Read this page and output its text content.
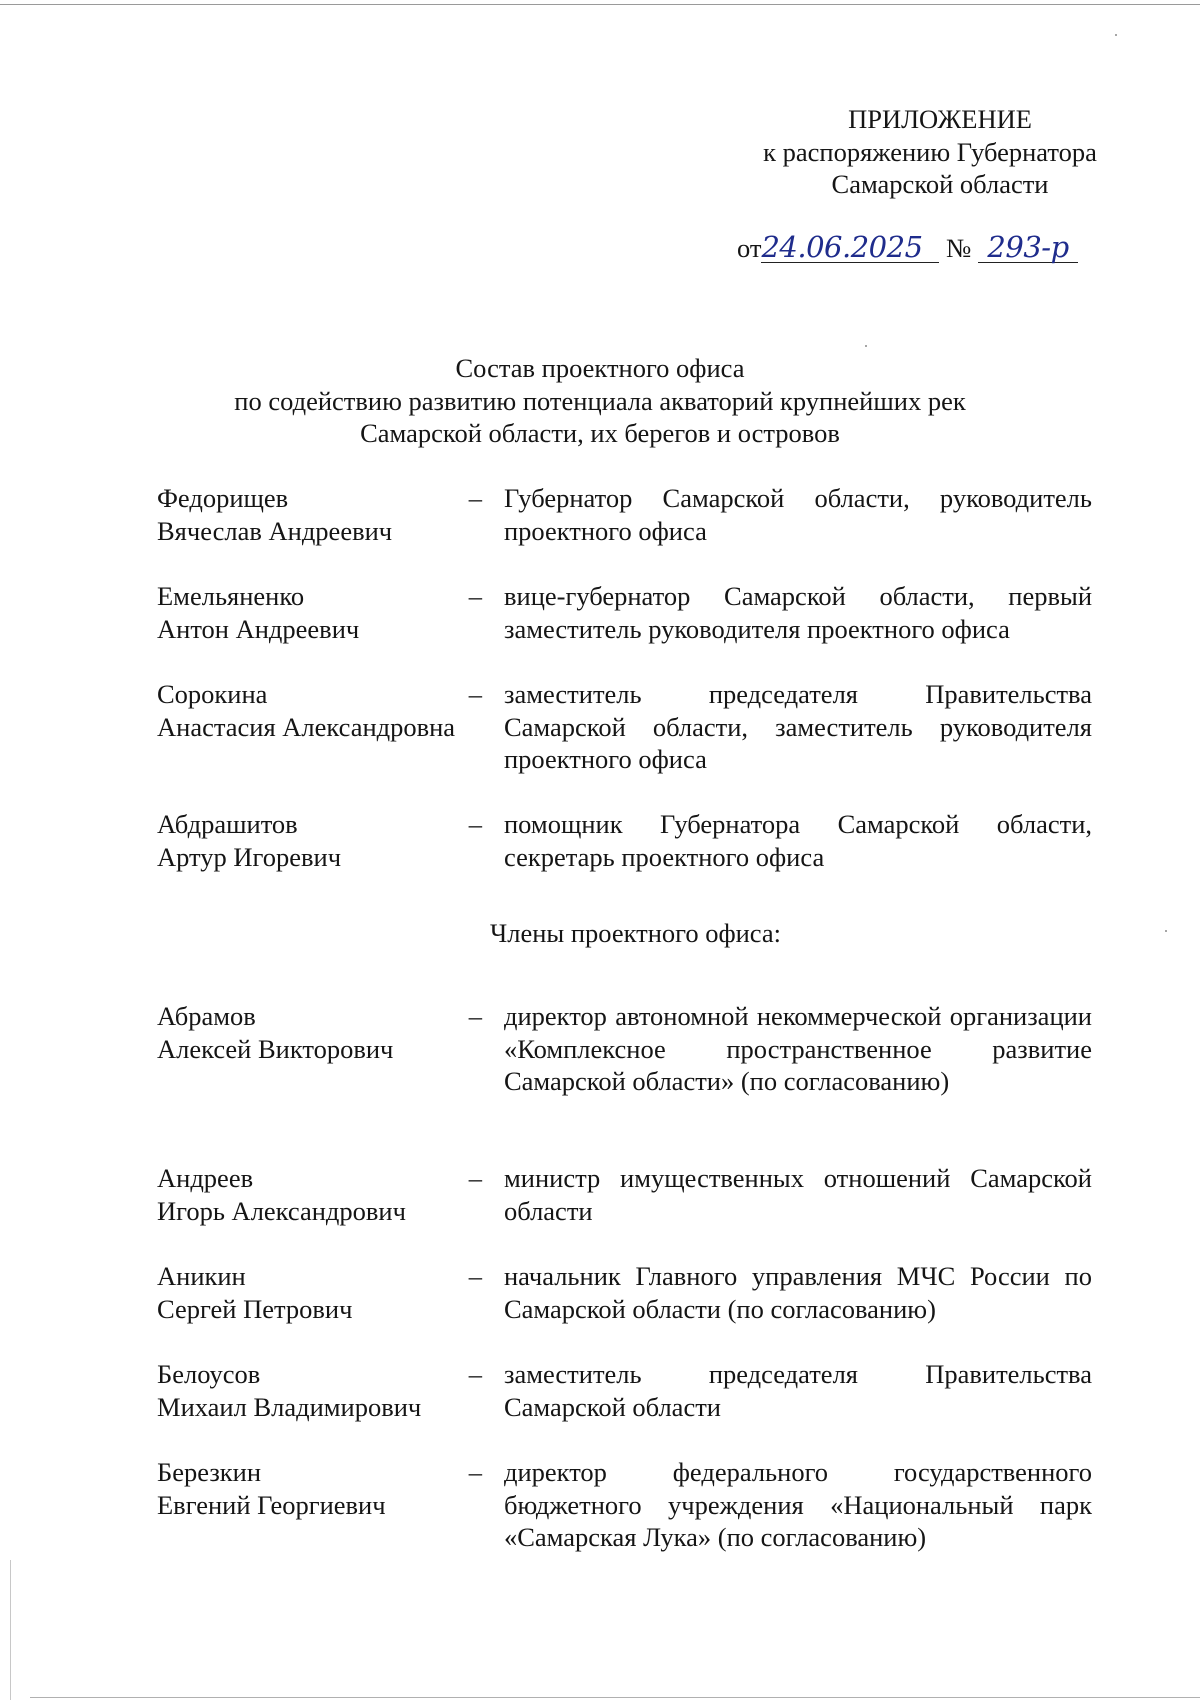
ПРИЛОЖЕНИЕ
к распоряжению Губернатора
Самарской области
от24.06.2025 № 293-р
Состав проектного офиса
по содействию развитию потенциала акваторий крупнейших рек
Самарской области, их берегов и островов
Федорищев
Вячеслав Андреевич
– Губернатор Самарской области, руководитель проектного офиса
Емельяненко
Антон Андреевич
– вице-губернатор Самарской области, первый заместитель руководителя проектного офиса
Сорокина
Анастасия Александровна
– заместитель председателя Правительства Самарской области, заместитель руководителя проектного офиса
Абдрашитов
Артур Игоревич
– помощник Губернатора Самарской области, секретарь проектного офиса
Члены проектного офиса:
Абрамов
Алексей Викторович
– директор автономной некоммерческой организации «Комплексное пространственное развитие Самарской области» (по согласованию)
Андреев
Игорь Александрович
– министр имущественных отношений Самарской области
Аникин
Сергей Петрович
– начальник Главного управления МЧС России по Самарской области (по согласованию)
Белоусов
Михаил Владимирович
– заместитель председателя Правительства Самарской области
Березкин
Евгений Георгиевич
– директор федерального государственного бюджетного учреждения «Национальный парк «Самарская Лука» (по согласованию)
